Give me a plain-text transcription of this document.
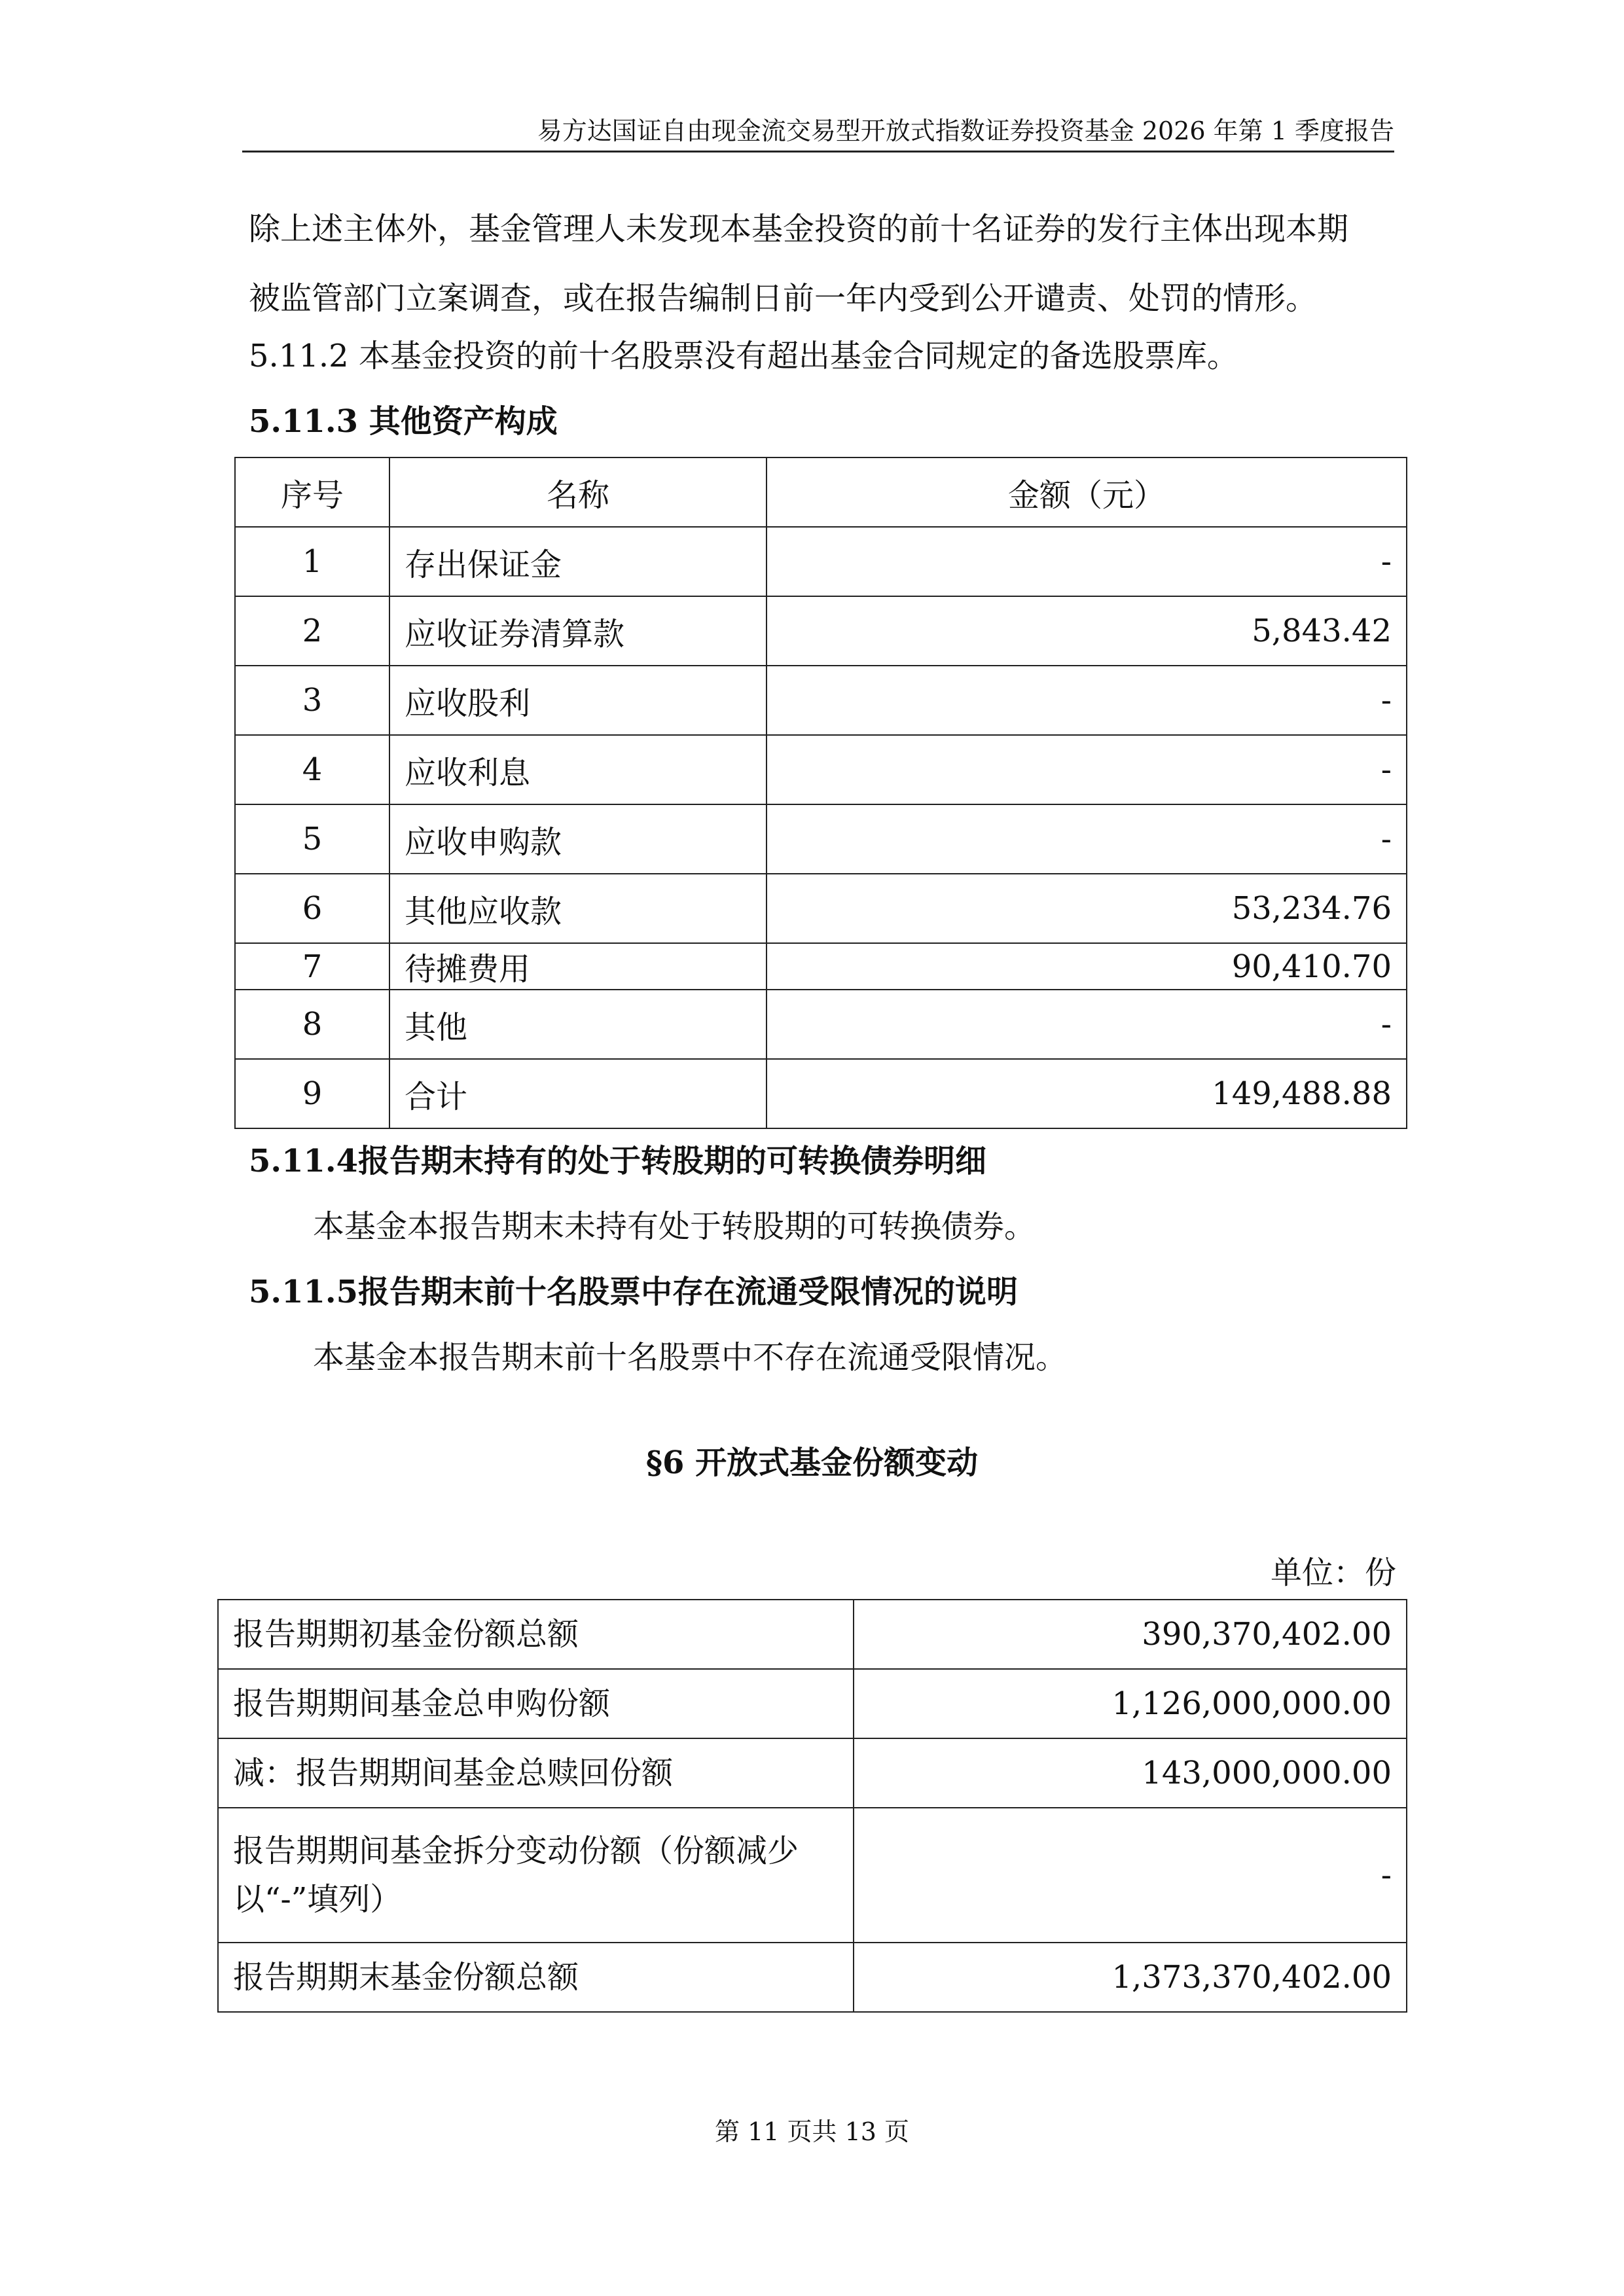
易方达国证自由现金流交易型开放式指数证券投资基金 2026 年第 1 季度报告
除上述主体外，基金管理人未发现本基金投资的前十名证券的发行主体出现本期
被监管部门立案调查，或在报告编制日前一年内受到公开谴责、处罚的情形。
5.11.2 本基金投资的前十名股票没有超出基金合同规定的备选股票库。
5.11.3 其他资产构成
序号	名称	金额（元）
1	存出保证金	-
2	应收证券清算款	5,843.42
3	应收股利	-
4	应收利息	-
5	应收申购款	-
6	其他应收款	53,234.76
7	待摊费用	90,410.70
8	其他	-
9	合计	149,488.88
5.11.4报告期末持有的处于转股期的可转换债券明细
本基金本报告期末未持有处于转股期的可转换债券。
5.11.5报告期末前十名股票中存在流通受限情况的说明
本基金本报告期末前十名股票中不存在流通受限情况。
§6 开放式基金份额变动
单位：份
报告期期初基金份额总额	390,370,402.00
报告期期间基金总申购份额	1,126,000,000.00
减：报告期期间基金总赎回份额	143,000,000.00

报告期期间基金拆分变动份额（份额减少
以“-”填列）	-
报告期期末基金份额总额	1,373,370,402.00
第 11 页共 13 页
